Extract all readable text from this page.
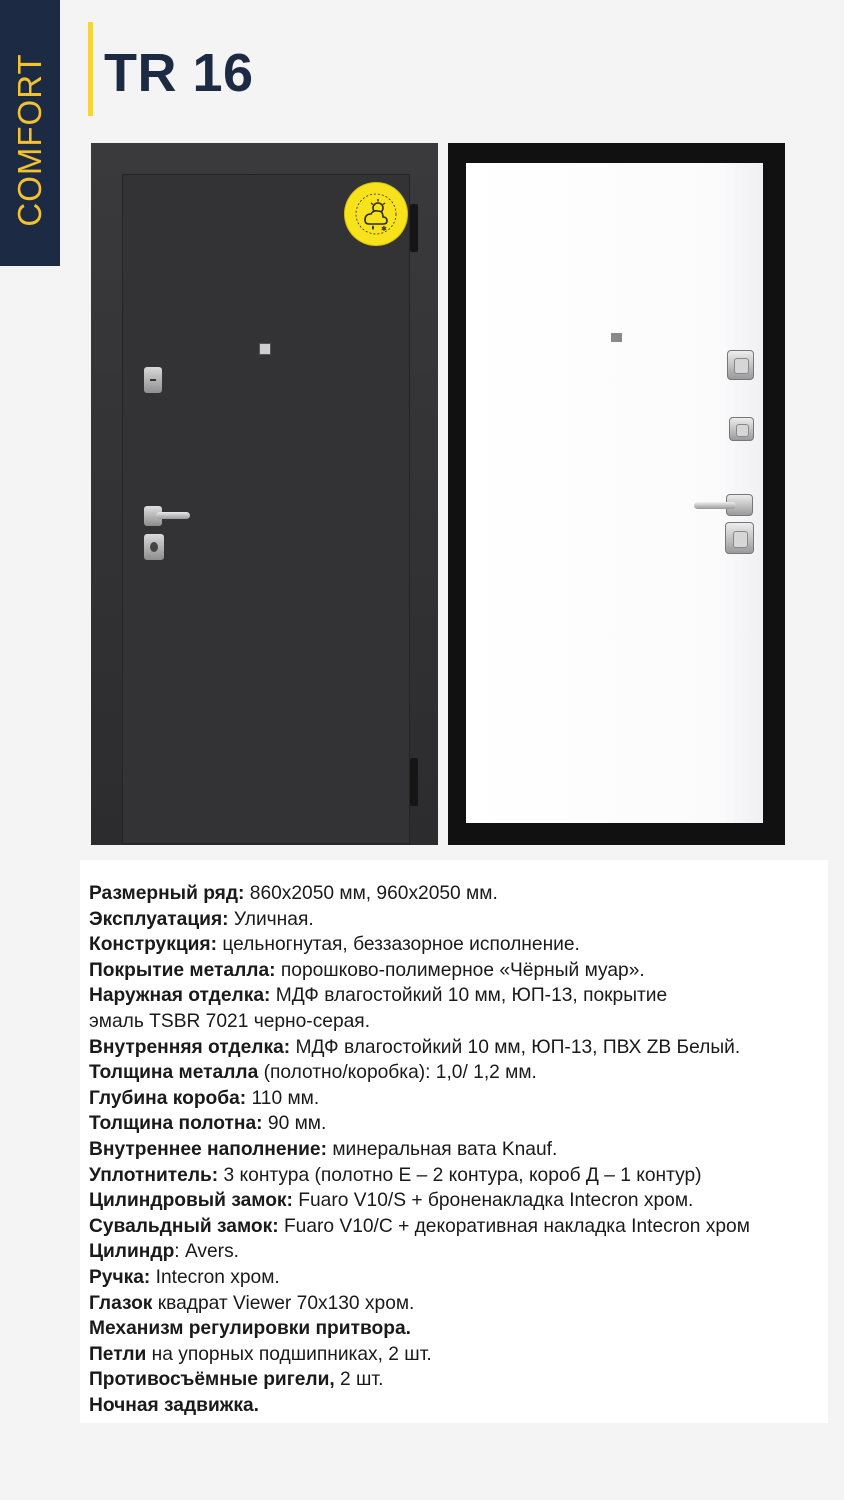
COMFORT TR 16
✱
Размерный ряд: 860x2050 мм, 960x2050 мм.
Эксплуатация: Уличная.
Конструкция: цельногнутая, беззазорное исполнение.
Покрытие металла: порошково-полимерное «Чёрный муар».
Наружная отделка: МДФ влагостойкий 10 мм, ЮП-13, покрытие
эмаль TSBR 7021 черно-серая.
Внутренняя отделка: МДФ влагостойкий 10 мм, ЮП-13, ПВХ ZB Белый.
Толщина металла (полотно/коробка): 1,0/ 1,2 мм.
Глубина короба: 110 мм.
Толщина полотна: 90 мм.
Внутреннее наполнение: минеральная вата Knauf.
Уплотнитель: 3 контура (полотно Е – 2 контура, короб Д – 1 контур)
Цилиндровый замок: Fuaro V10/S + броненакладка Intecron хром.
Сувальдный замок: Fuaro V10/C + декоративная накладка Intecron хром
Цилиндр: Avers.
Ручка: Intecron хром.
Глазок квадрат Viewer 70х130 хром.
Механизм регулировки притвора.
Петли на упорных подшипниках, 2 шт.
Противосъёмные ригели, 2 шт.
Ночная задвижка.
